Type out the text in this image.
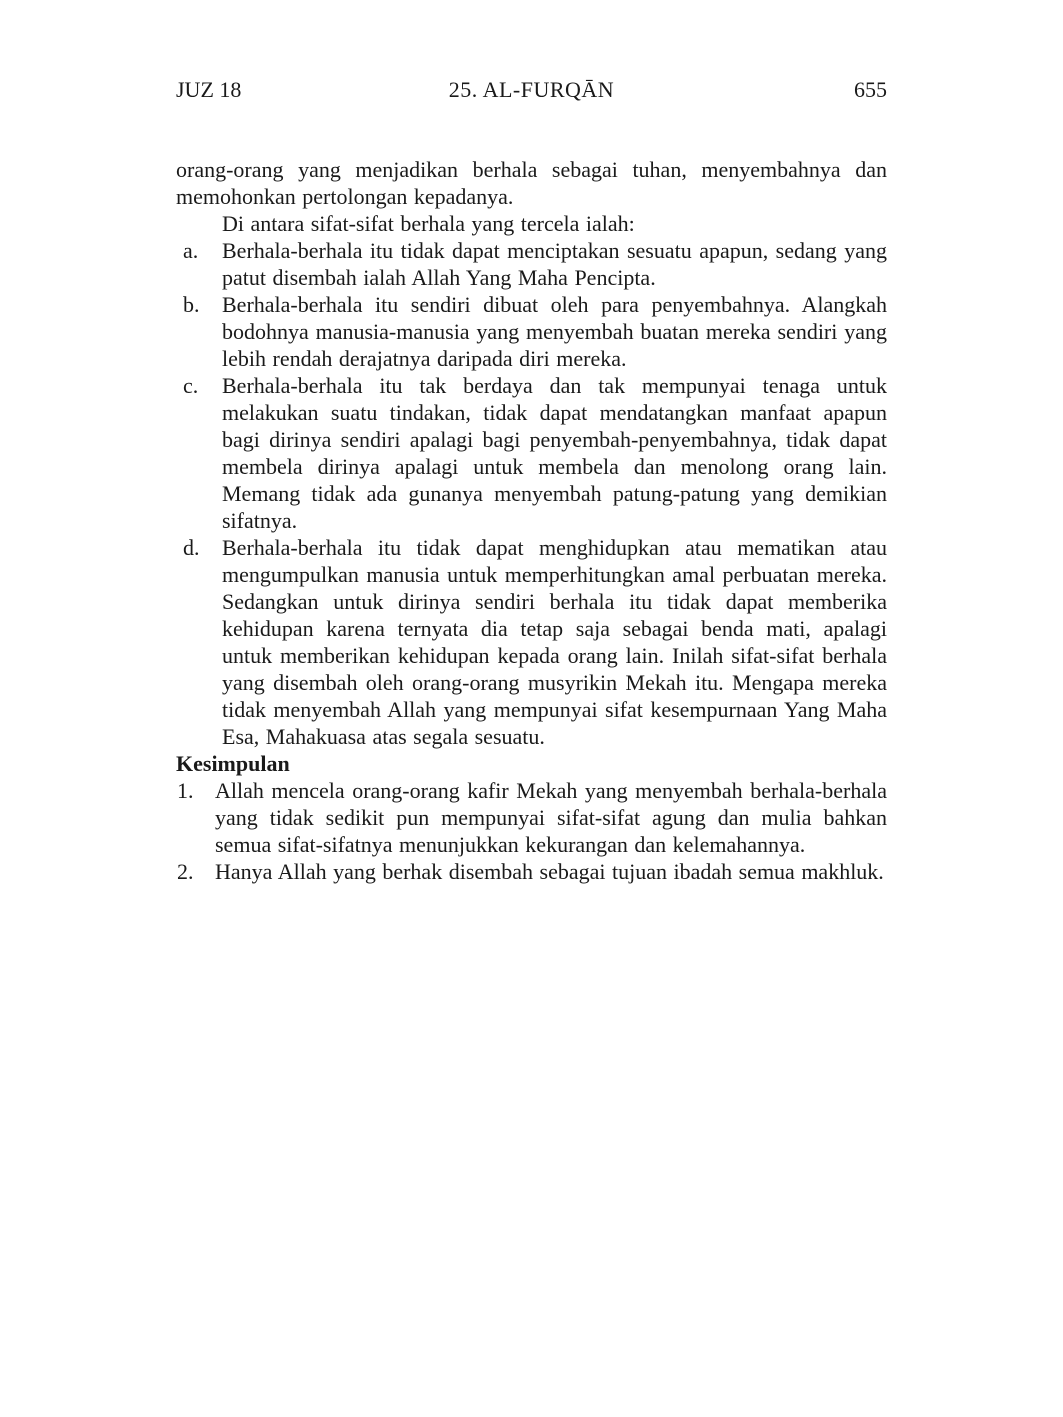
JUZ 18	25. AL-FURQĀN	655

orang-orang yang menjadikan berhala sebagai tuhan, menyembahnya dan memohonkan pertolongan kepadanya.

Di antara sifat-sifat berhala yang tercela ialah:

a. Berhala-berhala itu tidak dapat menciptakan sesuatu apapun, sedang yang patut disembah ialah Allah Yang Maha Pencipta.
b. Berhala-berhala itu sendiri dibuat oleh para penyembahnya. Alangkah bodohnya manusia-manusia yang menyembah buatan mereka sendiri yang lebih rendah derajatnya daripada diri mereka.
c. Berhala-berhala itu tak berdaya dan tak mempunyai tenaga untuk melakukan suatu tindakan, tidak dapat mendatangkan manfaat apapun bagi dirinya sendiri apalagi bagi penyembah-penyembahnya, tidak dapat membela dirinya apalagi untuk membela dan menolong orang lain. Memang tidak ada gunanya menyembah patung-patung yang demikian sifatnya.
d. Berhala-berhala itu tidak dapat menghidupkan atau mematikan atau mengumpulkan manusia untuk memperhitungkan amal perbuatan mereka. Sedangkan untuk dirinya sendiri berhala itu tidak dapat memberika kehidupan karena ternyata dia tetap saja sebagai benda mati, apalagi untuk memberikan kehidupan kepada orang lain. Inilah sifat-sifat berhala yang disembah oleh orang-orang musyrikin Mekah itu. Mengapa mereka tidak menyembah Allah yang mempunyai sifat kesempurnaan Yang Maha Esa, Mahakuasa atas segala sesuatu.

Kesimpulan

1. Allah mencela orang-orang kafir Mekah yang menyembah berhala-berhala yang tidak sedikit pun mempunyai sifat-sifat agung dan mulia bahkan semua sifat-sifatnya menunjukkan kekurangan dan kelemahannya.
2. Hanya Allah yang berhak disembah sebagai tujuan ibadah semua makhluk.
